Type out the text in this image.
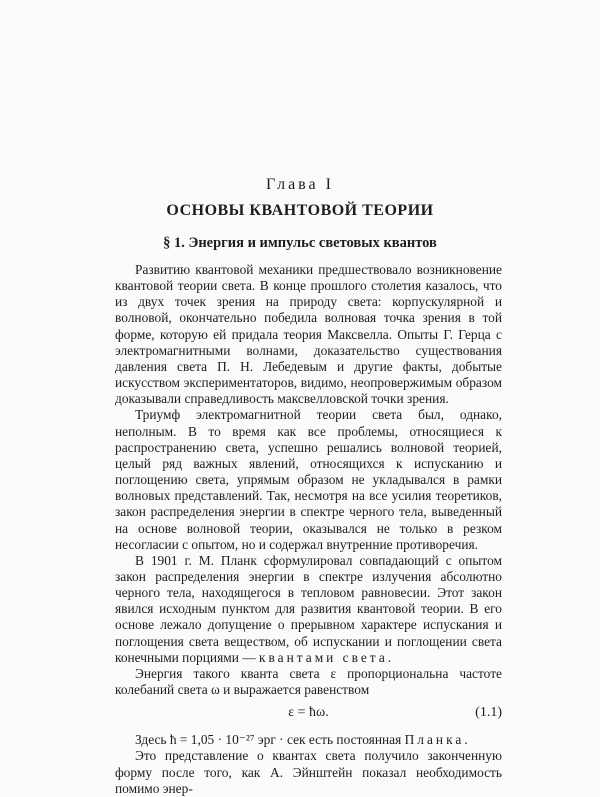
Глава I
ОСНОВЫ КВАНТОВОЙ ТЕОРИИ
§ 1. Энергия и импульс световых квантов

Развитию квантовой механики предшествовало возникновение квантовой теории света. В конце прошлого столетия казалось, что из двух точек зрения на природу света: корпускулярной и волновой, окончательно победила волновая точка зрения в той форме, которую ей придала теория Максвелла. Опыты Г. Герца с электромагнитными волнами, доказательство существования давления света П. Н. Лебедевым и другие факты, добытые искусством экспериментаторов, видимо, неопровержимым образом доказывали справедливость максвелловской точки зрения.

Триумф электромагнитной теории света был, однако, неполным. В то время как все проблемы, относящиеся к распространению света, успешно решались волновой теорией, целый ряд важных явлений, относящихся к испусканию и поглощению света, упрямым образом не укладывался в рамки волновых представлений. Так, несмотря на все усилия теоретиков, закон распределения энергии в спектре черного тела, выведенный на основе волновой теории, оказывался не только в резком несогласии с опытом, но и содержал внутренние противоречия.

В 1901 г. М. Планк сформулировал совпадающий с опытом закон распределения энергии в спектре излучения абсолютно черного тела, находящегося в тепловом равновесии. Этот закон явился исходным пунктом для развития квантовой теории. В его основе лежало допущение о прерывном характере испускания и поглощения света веществом, об испускании и поглощении света конечными порциями — квантами света.

Энергия такого кванта света ε пропорциональна частоте колебаний света ω и выражается равенством

ε = ħω.	(1.1)

Здесь ħ = 1,05 · 10⁻²⁷ эрг · сек есть постоянная Планка.

Это представление о квантах света получило законченную форму после того, как А. Эйнштейн показал необходимость помимо энер-
